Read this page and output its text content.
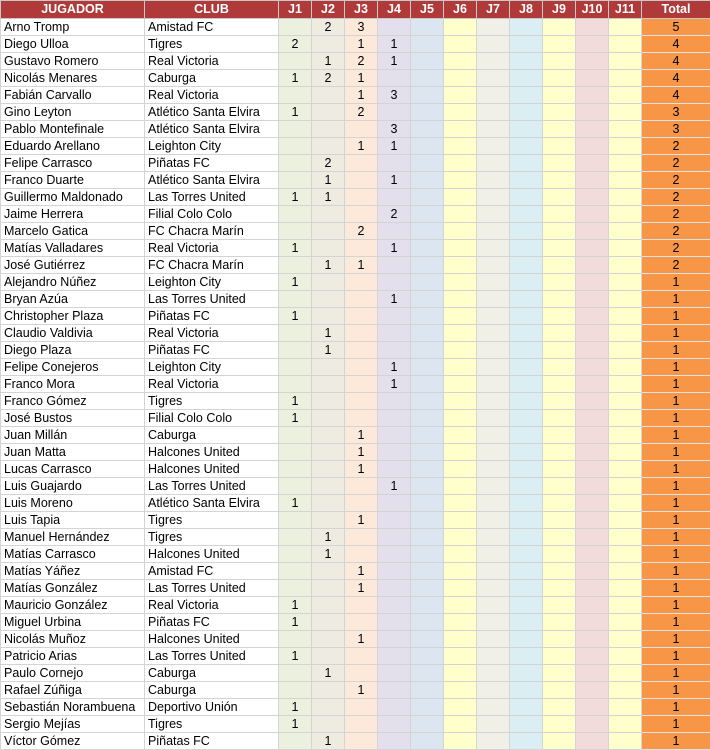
JUGADOR	CLUB	J1	J2	J3	J4	J5	J6	J7	J8	J9	J10	J11	Total
Arno Tromp	Amistad FC		2	3									5
Diego Ulloa	Tigres	2		1	1								4
Gustavo Romero	Real Victoria		1	2	1								4
Nicolás Menares	Caburga	1	2	1									4
Fabián Carvallo	Real Victoria			1	3								4
Gino Leyton	Atlético Santa Elvira	1		2									3
Pablo Montefinale	Atlético Santa Elvira				3								3
Eduardo Arellano	Leighton City			1	1								2
Felipe Carrasco	Piñatas FC		2										2
Franco Duarte	Atlético Santa Elvira		1		1								2
Guillermo Maldonado	Las Torres United	1	1										2
Jaime Herrera	Filial Colo Colo				2								2
Marcelo Gatica	FC Chacra Marín			2									2
Matías Valladares	Real Victoria	1			1								2
José Gutiérrez	FC Chacra Marín		1	1									2
Alejandro Núñez	Leighton City	1											1
Bryan Azúa	Las Torres United				1								1
Christopher Plaza	Piñatas FC	1											1
Claudio Valdivia	Real Victoria		1										1
Diego Plaza	Piñatas FC		1										1
Felipe Conejeros	Leighton City				1								1
Franco Mora	Real Victoria				1								1
Franco Gómez	Tigres	1											1
José Bustos	Filial Colo Colo	1											1
Juan Millán	Caburga			1									1
Juan Matta	Halcones United			1									1
Lucas Carrasco	Halcones United			1									1
Luis Guajardo	Las Torres United				1								1
Luis Moreno	Atlético Santa Elvira	1											1
Luis Tapia	Tigres			1									1
Manuel Hernández	Tigres		1										1
Matías Carrasco	Halcones United		1										1
Matías Yáñez	Amistad FC			1									1
Matías González	Las Torres United			1									1
Mauricio González	Real Victoria	1											1
Miguel Urbina	Piñatas FC	1											1
Nicolás Muñoz	Halcones United			1									1
Patricio Arias	Las Torres United	1											1
Paulo Cornejo	Caburga		1										1
Rafael Zúñiga	Caburga			1									1
Sebastián Norambuena	Deportivo Unión	1											1
Sergio Mejías	Tigres	1											1
Víctor Gómez	Piñatas FC		1										1
